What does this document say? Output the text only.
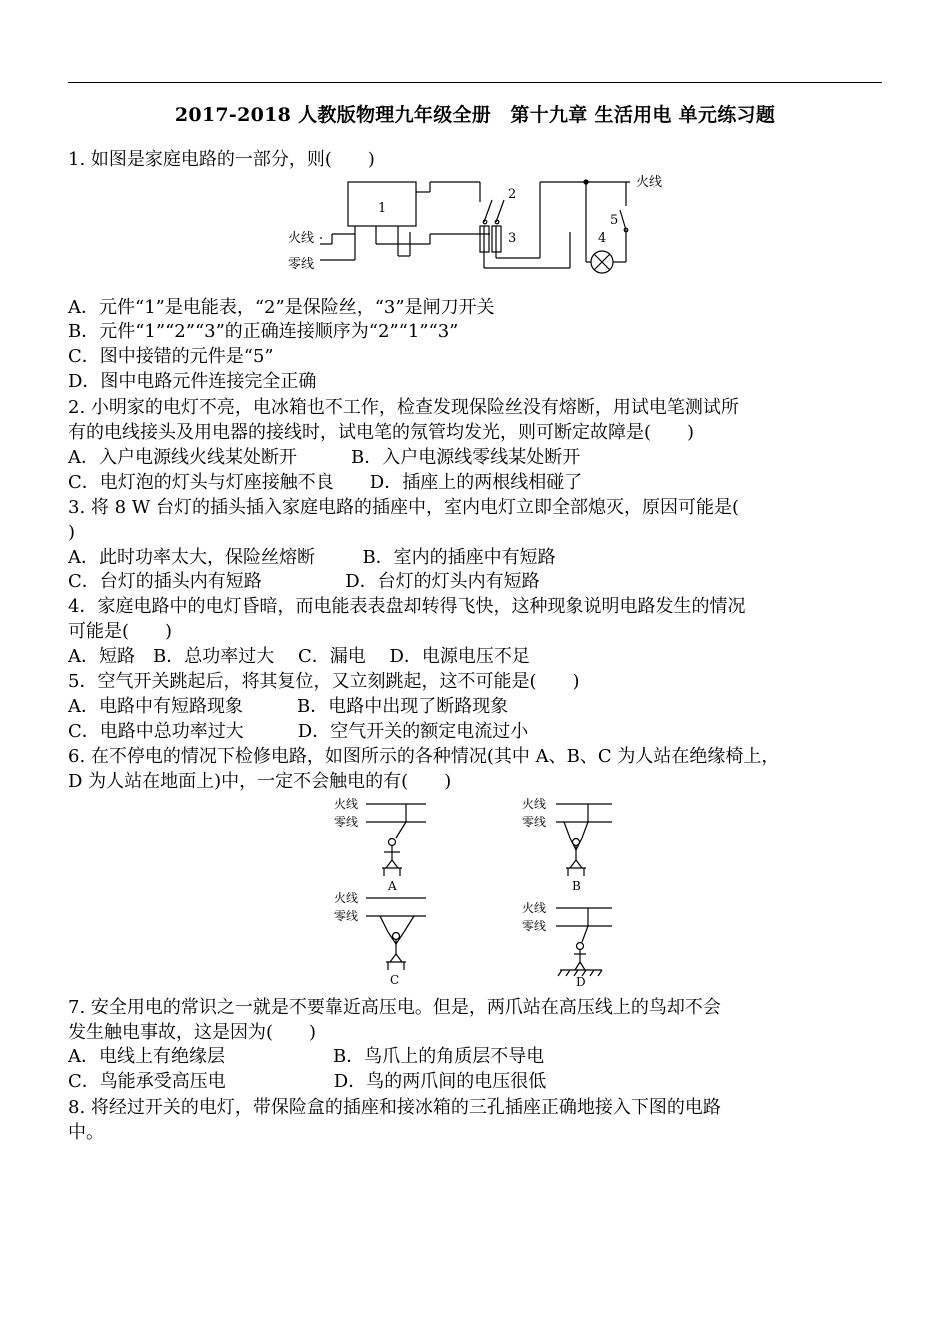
2017-2018 人教版物理九年级全册　第十九章 生活用电 单元练习题
1. 如图是家庭电路的一部分，则(　　)
火线
零线
火线
1
2
3	4
5
A．元件“1”是电能表，“2”是保险丝，“3”是闸刀开关
B．元件“1”“2”“3”的正确连接顺序为“2”“1”“3”
C．图中接错的元件是“5”
D．图中电路元件连接完全正确
2. 小明家的电灯不亮，电冰箱也不工作，检查发现保险丝没有熔断，用试电笔测试所
有的电线接头及用电器的接线时，试电笔的氖管均发光，则可断定故障是(　　)
A．入户电源线火线某处断开　　　B．入户电源线零线某处断开
C．电灯泡的灯头与灯座接触不良　　D．插座上的两根线相碰了
3. 将 8 W 台灯的插头插入家庭电路的插座中，室内电灯立即全部熄灭，原因可能是(
)
A．此时功率太大，保险丝熔断　　  B．室内的插座中有短路
C．台灯的插头内有短路　　　　  D．台灯的灯头内有短路
4．家庭电路中的电灯昏暗，而电能表表盘却转得飞快，这种现象说明电路发生的情况
可能是(　　)
A．短路　B．总功率过大　 C．漏电　 D．电源电压不足
5．空气开关跳起后，将其复位，又立刻跳起，这不可能是(　　)
A．电路中有短路现象　　　B．电路中出现了断路现象
C．电路中总功率过大　　　D．空气开关的额定电流过小
6. 在不停电的情况下检修电路，如图所示的各种情况(其中 A、B、C 为人站在绝缘椅上，
D 为人站在地面上)中，一定不会触电的有(　　)
火线
零线
A
火线
零线
B
火线
零线
C
火线
零线
D
7. 安全用电的常识之一就是不要靠近高压电。但是，两爪站在高压线上的鸟却不会
发生触电事故，这是因为(　　)
A．电线上有绝缘层　　　　　　B．鸟爪上的角质层不导电
C．鸟能承受高压电　　　　　　D．鸟的两爪间的电压很低
8. 将经过开关的电灯，带保险盒的插座和接冰箱的三孔插座正确地接入下图的电路
中。
